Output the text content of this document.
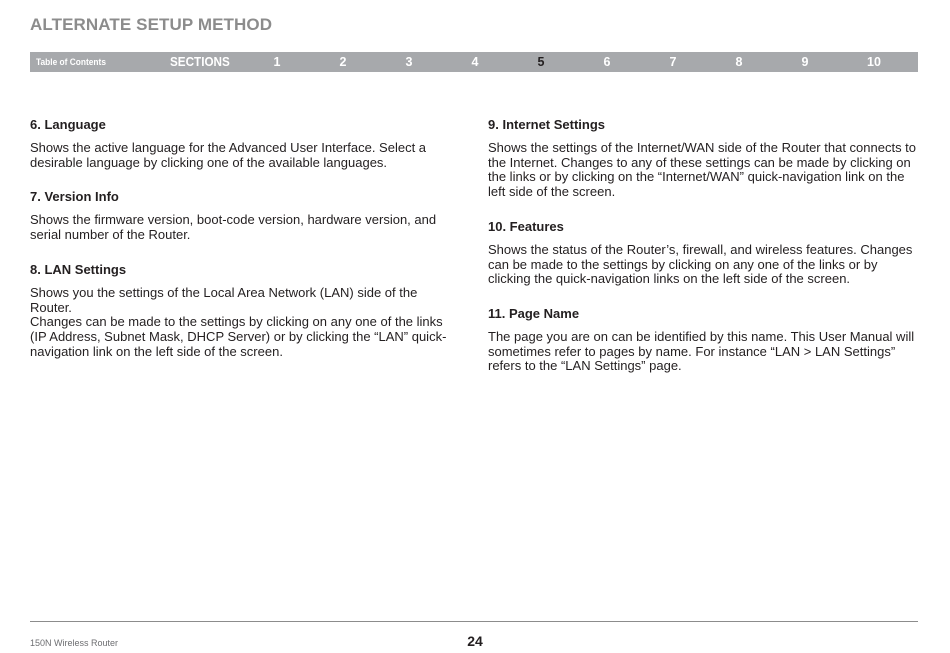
ALTERNATE SETUP METHOD
Table of Contents	SECTIONS	1	2	3	4	5	6	7	8	9	10
6. Language

Shows the active language for the Advanced User Interface. Select a
desirable language by clicking one of the available languages.

7. Version Info

Shows the firmware version, boot-code version, hardware version, and
serial number of the Router.

8. LAN Settings

Shows you the settings of the Local Area Network (LAN) side of the Router.
Changes can be made to the settings by clicking on any one of the links
(IP Address, Subnet Mask, DHCP Server) or by clicking the “LAN” quick-
navigation link on the left side of the screen.

9. Internet Settings

Shows the settings of the Internet/WAN side of the Router that connects to
the Internet. Changes to any of these settings can be made by clicking on
the links or by clicking on the “Internet/WAN” quick-navigation link on the
left side of the screen.

10. Features

Shows the status of the Router’s, firewall, and wireless features. Changes
can be made to the settings by clicking on any one of the links or by
clicking the quick-navigation links on the left side of the screen.

11. Page Name

The page you are on can be identified by this name. This User Manual will
sometimes refer to pages by name. For instance “LAN > LAN Settings”
refers to the “LAN Settings” page.

150N Wireless Router	24
